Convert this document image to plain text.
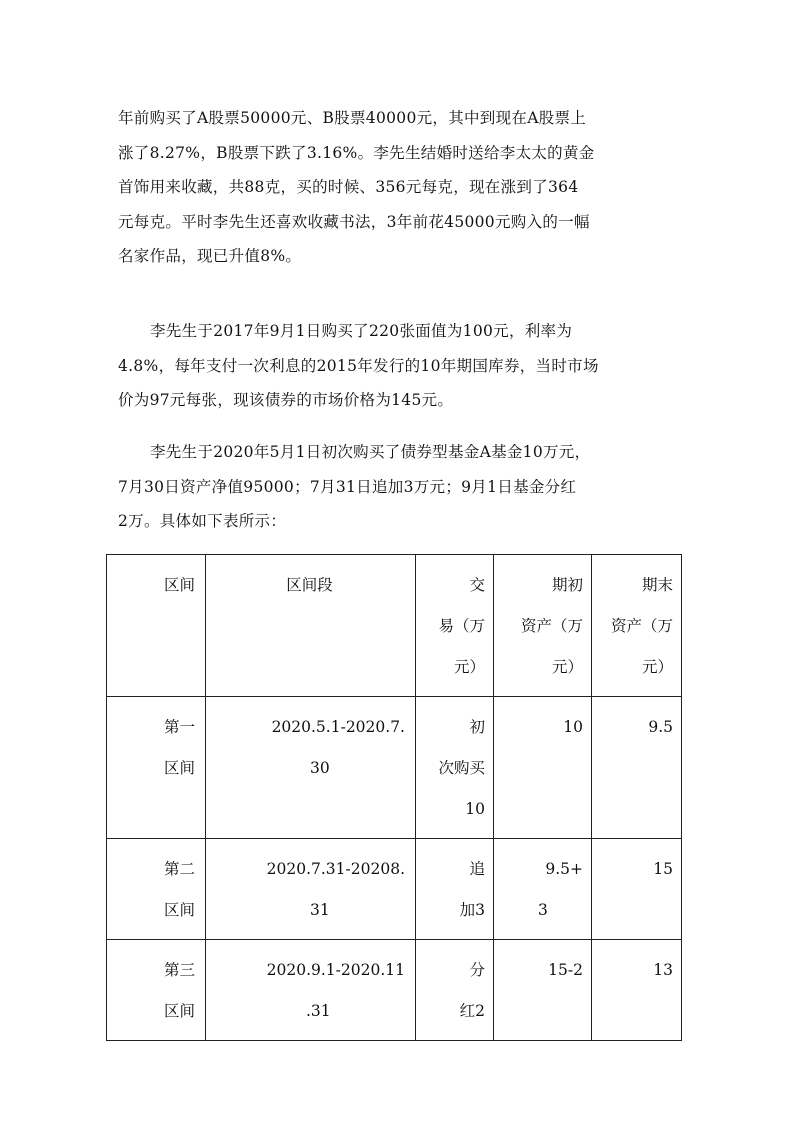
年前购买了A股票50000元、B股票40000元，其中到现在A股票上
涨了8.27%，B股票下跌了3.16%。李先生结婚时送给李太太的黄金
首饰用来收藏，共88克，买的时候、356元每克，现在涨到了364
元每克。平时李先生还喜欢收藏书法，3年前花45000元购入的一幅
名家作品，现已升值8%。

李先生于2017年9月1日购买了220张面值为100元，利率为
4.8%，每年支付一次利息的2015年发行的10年期国库券，当时市场
价为97元每张，现该债券的市场价格为145元。

李先生于2020年5月1日初次购买了债券型基金A基金10万元，
7月30日资产净值95000；7月31日追加3万元；9月1日基金分红
2万。具体如下表所示：

区间	区间段	交
易（万
元）	期初
资产（万
元）	期末
资产（万
元）

第一
区间	2020.5.1-2020.7.
30	初
次购买
10	10	9.5

第二
区间	2020.7.31-20208.
31	追
加3	9.5+
3	15

第三
区间	2020.9.1-2020.11
.31	分
红2	15-2	13
